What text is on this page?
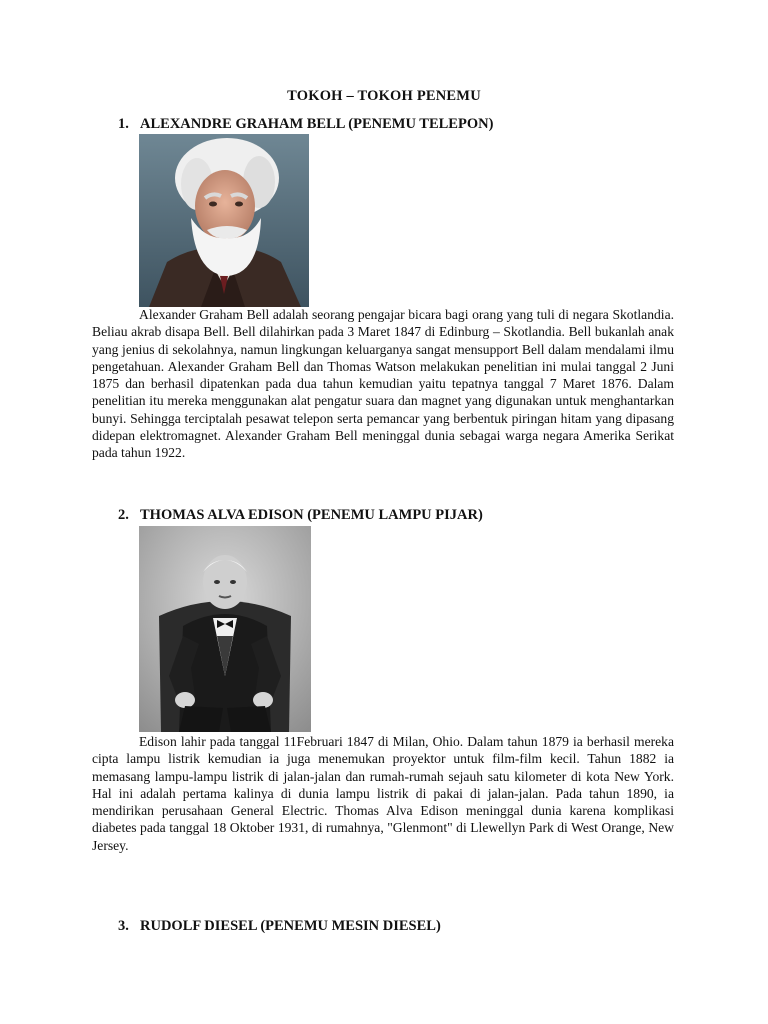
TOKOH – TOKOH PENEMU
1. ALEXANDRE GRAHAM BELL (PENEMU TELEPON)

Alexander Graham Bell adalah seorang pengajar bicara bagi orang yang tuli di negara Skotlandia. Beliau akrab disapa Bell. Bell dilahirkan pada 3 Maret 1847 di Edinburg – Skotlandia. Bell bukanlah anak yang jenius di sekolahnya, namun lingkungan keluarganya sangat mensupport Bell dalam mendalami ilmu pengetahuan. Alexander Graham Bell dan Thomas Watson melakukan penelitian ini mulai tanggal 2 Juni 1875 dan berhasil dipatenkan pada dua tahun kemudian yaitu tepatnya tanggal 7 Maret 1876. Dalam penelitian itu mereka menggunakan alat pengatur suara dan magnet yang digunakan untuk menghantarkan bunyi. Sehingga terciptalah pesawat telepon serta pemancar yang berbentuk piringan hitam yang dipasang didepan elektromagnet. Alexander Graham Bell meninggal dunia sebagai warga negara Amerika Serikat pada tahun 1922.

2. THOMAS ALVA EDISON (PENEMU LAMPU PIJAR)

Edison lahir pada tanggal 11Februari 1847 di Milan, Ohio. Dalam tahun 1879 ia berhasil mereka cipta lampu listrik kemudian ia juga menemukan proyektor untuk film-film kecil. Tahun 1882 ia memasang lampu-lampu listrik di jalan-jalan dan rumah-rumah sejauh satu kilometer di kota New York. Hal ini adalah pertama kalinya di dunia lampu listrik di pakai di jalan-jalan. Pada tahun 1890, ia mendirikan perusahaan General Electric. Thomas Alva Edison meninggal dunia karena komplikasi diabetes pada tanggal 18 Oktober 1931, di rumahnya, "Glenmont" di Llewellyn Park di West Orange, New Jersey.

3. RUDOLF DIESEL (PENEMU MESIN DIESEL)
